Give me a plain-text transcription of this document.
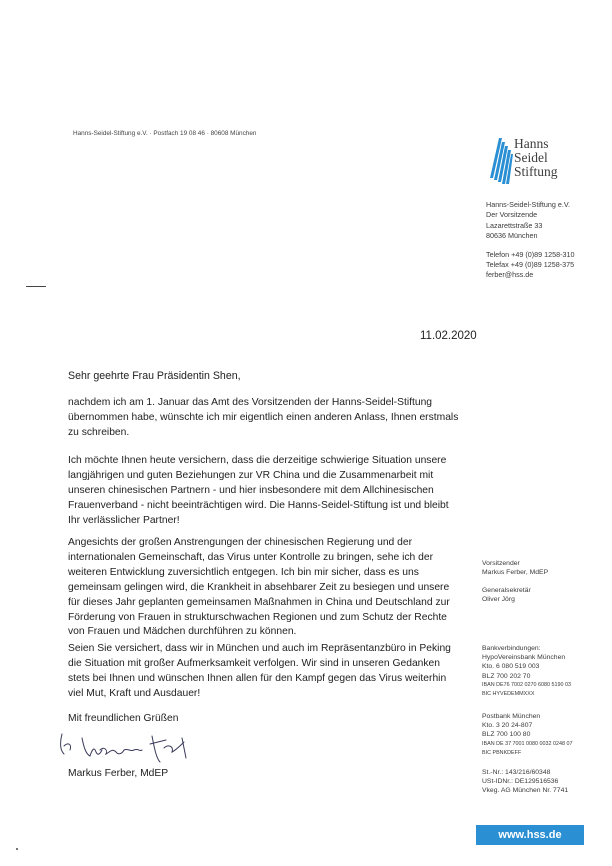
Hanns-Seidel-Stiftung e.V. · Postfach 19 08 46 · 80608 München
Hanns
Seidel
Stiftung
Hanns-Seidel-Stiftung e.V.
Der Vorsitzende
Lazarettstraße 33
80636 München
Telefon +49 (0)89 1258-310
Telefax +49 (0)89 1258-375
ferber@hss.de
11.02.2020
Sehr geehrte Frau Präsidentin Shen,
nachdem ich am 1. Januar das Amt des Vorsitzenden der Hanns-Seidel-Stiftung übernommen habe, wünschte ich mir eigentlich einen anderen Anlass, Ihnen erstmals zu schreiben.
Ich möchte Ihnen heute versichern, dass die derzeitige schwierige Situation unsere langjährigen und guten Beziehungen zur VR China und die Zusammenarbeit mit unseren chinesischen Partnern - und hier insbesondere mit dem Allchinesischen Frauenverband - nicht beeinträchtigen wird. Die Hanns-Seidel-Stiftung ist und bleibt Ihr verlässlicher Partner!
Angesichts der großen Anstrengungen der chinesischen Regierung und der internationalen Gemeinschaft, das Virus unter Kontrolle zu bringen, sehe ich der weiteren Entwicklung zuversichtlich entgegen. Ich bin mir sicher, dass es uns gemeinsam gelingen wird, die Krankheit in absehbarer Zeit zu besiegen und unsere für dieses Jahr geplanten gemeinsamen Maßnahmen in China und Deutschland zur Förderung von Frauen in strukturschwachen Regionen und zum Schutz der Rechte von Frauen und Mädchen durchführen zu können.
Seien Sie versichert, dass wir in München und auch im Repräsentanzbüro in Peking die Situation mit großer Aufmerksamkeit verfolgen. Wir sind in unseren Gedanken stets bei Ihnen und wünschen Ihnen allen für den Kampf gegen das Virus weiterhin viel Mut, Kraft und Ausdauer!
Mit freundlichen Grüßen
Markus Ferber, MdEP
Vorsitzender
Markus Ferber, MdEP
Generalsekretär
Oliver Jörg
Bankverbindungen:
HypoVereinsbank München
Kto. 6 080 519 003
BLZ 700 202 70
IBAN DE76 7002 0270 6080 5190 03
BIC HYVEDEMMXXX
Postbank München
Kto. 3 20 24-807
BLZ 700 100 80
IBAN DE 37 7001 0080 0032 0248 07
BIC PBNKDEFF
St.-Nr.: 143/216/60348
USt-IDNr.: DE129516536
Vkeg. AG München Nr. 7741
www.hss.de
